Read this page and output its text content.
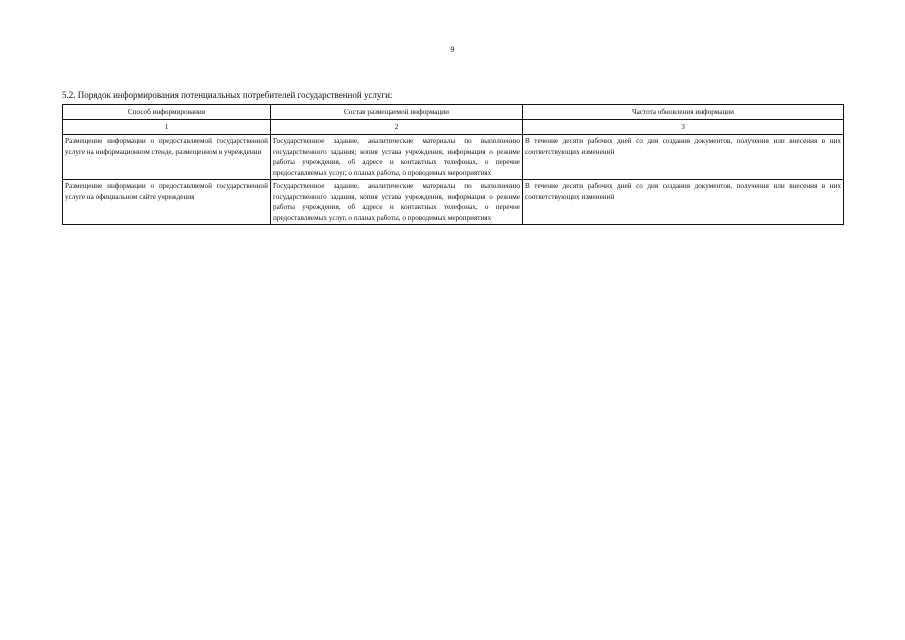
9
5.2. Порядок информирования потенциальных потребителей государственной услуги:
Способ информирования	Состав размещаемой информации	Частота обновления информации
1	2	3
Размещение информации о предоставляемой государственной услуге на информационном стенде, размещенном в учреждении	Государственное задание, аналитические материалы по выполнению государственного задания; копия устава учреждения, информация о режиме работы учреждения, об адресе и контактных телефонах, о перечне предоставляемых услуг, о планах работы, о проводимых мероприятиях	В течение десяти рабочих дней со дня создания документов, получения или внесения в них соответствующих изменений
Размещение информации о предоставляемой государственной услуге на официальном сайте учреждения	Государственное задание, аналитические материалы по выполнению государственного задания, копия устава учреждения, информация о режиме работы учреждения, об адресе и контактных телефонах, о перечне предоставляемых услуг, о планах работы, о проводимых мероприятиях	В течение десяти рабочих дней со дня создания документов, получения или внесения в них соответствующих изменений
